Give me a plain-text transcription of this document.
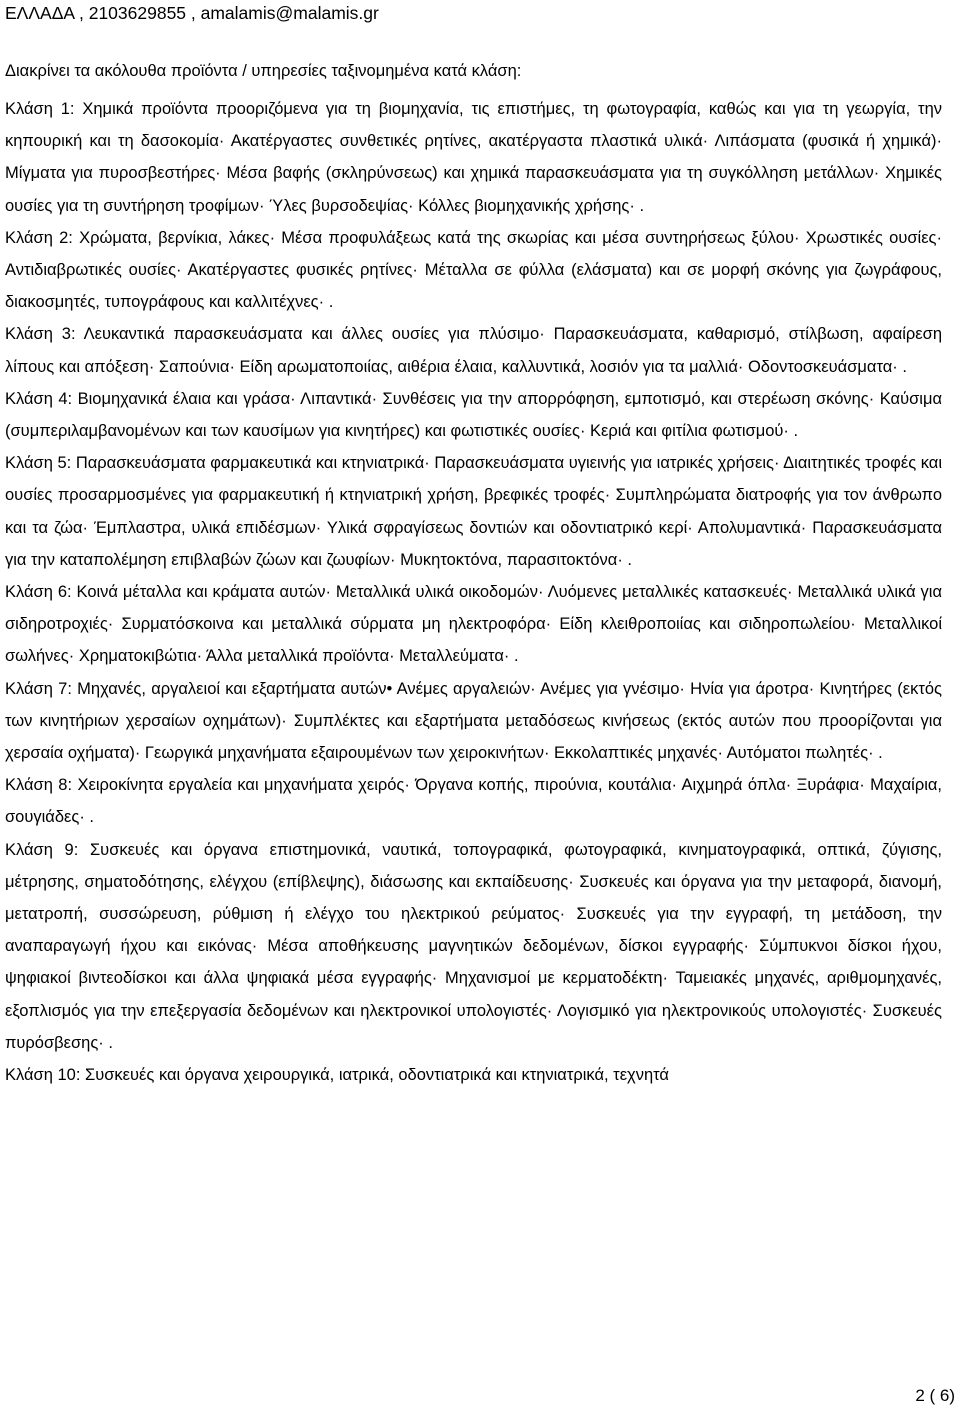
ΕΛΛΑΔΑ , 2103629855 , amalamis@malamis.gr

Διακρίνει τα ακόλουθα προϊόντα / υπηρεσίες ταξινομημένα κατά κλάση:

Κλάση 1: Χημικά προϊόντα προοριζόμενα για τη βιομηχανία, τις επιστήμες, τη φωτογραφία, καθώς και για τη γεωργία, την κηπουρική και τη δασοκομία· Ακατέργαστες συνθετικές ρητίνες, ακατέργαστα πλαστικά υλικά· Λιπάσματα (φυσικά ή χημικά)· Μίγματα για πυροσβεστήρες· Μέσα βαφής (σκληρύνσεως) και χημικά παρασκευάσματα για τη συγκόλληση μετάλλων· Χημικές ουσίες για τη συντήρηση τροφίμων· Ύλες βυρσοδεψίας· Κόλλες βιομηχανικής χρήσης· .

Κλάση 2: Χρώματα, βερνίκια, λάκες· Μέσα προφυλάξεως κατά της σκωρίας και μέσα συντηρήσεως ξύλου· Χρωστικές ουσίες· Αντιδιαβρωτικές ουσίες· Ακατέργαστες φυσικές ρητίνες· Μέταλλα σε φύλλα (ελάσματα) και σε μορφή σκόνης για ζωγράφους, διακοσμητές, τυπογράφους και καλλιτέχνες· .

Κλάση 3: Λευκαντικά παρασκευάσματα και άλλες ουσίες για πλύσιμο· Παρασκευάσματα, καθαρισμό, στίλβωση, αφαίρεση λίπους και απόξεση· Σαπούνια· Είδη αρωματοποιίας, αιθέρια έλαια, καλλυντικά, λοσιόν για τα μαλλιά· Οδοντοσκευάσματα· .

Κλάση 4: Βιομηχανικά έλαια και γράσα· Λιπαντικά· Συνθέσεις για την απορρόφηση, εμποτισμό, και στερέωση σκόνης· Καύσιμα (συμπεριλαμβανομένων και των καυσίμων για κινητήρες) και φωτιστικές ουσίες· Κεριά και φιτίλια φωτισμού· .

Κλάση 5: Παρασκευάσματα φαρμακευτικά και κτηνιατρικά· Παρασκευάσματα υγιεινής για ιατρικές χρήσεις· Διαιτητικές τροφές και ουσίες προσαρμοσμένες για φαρμακευτική ή κτηνιατρική χρήση, βρεφικές τροφές· Συμπληρώματα διατροφής για τον άνθρωπο και τα ζώα· Έμπλαστρα, υλικά επιδέσμων· Υλικά σφραγίσεως δοντιών και οδοντιατρικό κερί· Απολυμαντικά· Παρασκευάσματα για την καταπολέμηση επιβλαβών ζώων και ζωυφίων· Μυκητοκτόνα, παρασιτοκτόνα· .

Κλάση 6: Κοινά μέταλλα και κράματα αυτών· Μεταλλικά υλικά οικοδομών· Λυόμενες μεταλλικές κατασκευές· Μεταλλικά υλικά για σιδηροτροχιές· Συρματόσκοινα και μεταλλικά σύρματα μη ηλεκτροφόρα· Είδη κλειθροποιίας και σιδηροπωλείου· Μεταλλικοί σωλήνες· Χρηματοκιβώτια· Άλλα μεταλλικά προϊόντα· Μεταλλεύματα· .

Κλάση 7: Μηχανές, αργαλειοί και εξαρτήματα αυτών• Ανέμες αργαλειών· Ανέμες για γνέσιμο· Ηνία για άροτρα· Κινητήρες (εκτός των κινητήριων χερσαίων οχημάτων)· Συμπλέκτες και εξαρτήματα μεταδόσεως κινήσεως (εκτός αυτών που προορίζονται για χερσαία οχήματα)· Γεωργικά μηχανήματα εξαιρουμένων των χειροκινήτων· Εκκολαπτικές μηχανές· Αυτόματοι πωλητές· .

Κλάση 8: Χειροκίνητα εργαλεία και μηχανήματα χειρός· Όργανα κοπής, πιρούνια, κουτάλια· Αιχμηρά όπλα· Ξυράφια· Μαχαίρια, σουγιάδες· .

Κλάση 9: Συσκευές και όργανα επιστημονικά, ναυτικά, τοπογραφικά, φωτογραφικά, κινηματογραφικά, οπτικά, ζύγισης, μέτρησης, σηματοδότησης, ελέγχου (επίβλεψης), διάσωσης και εκπαίδευσης· Συσκευές και όργανα για την μεταφορά, διανομή, μετατροπή, συσσώρευση, ρύθμιση ή ελέγχο του ηλεκτρικού ρεύματος· Συσκευές για την εγγραφή, τη μετάδοση, την αναπαραγωγή ήχου και εικόνας· Μέσα αποθήκευσης μαγνητικών δεδομένων, δίσκοι εγγραφής· Σύμπυκνοι δίσκοι ήχου, ψηφιακοί βιντεοδίσκοι και άλλα ψηφιακά μέσα εγγραφής· Μηχανισμοί με κερματοδέκτη· Ταμειακές μηχανές, αριθμομηχανές, εξοπλισμός για την επεξεργασία δεδομένων και ηλεκτρονικοί υπολογιστές· Λογισμικό για ηλεκτρονικούς υπολογιστές· Συσκευές πυρόσβεσης· .

Κλάση 10: Συσκευές και όργανα χειρουργικά, ιατρικά, οδοντιατρικά και κτηνιατρικά, τεχνητά

2 ( 6)
